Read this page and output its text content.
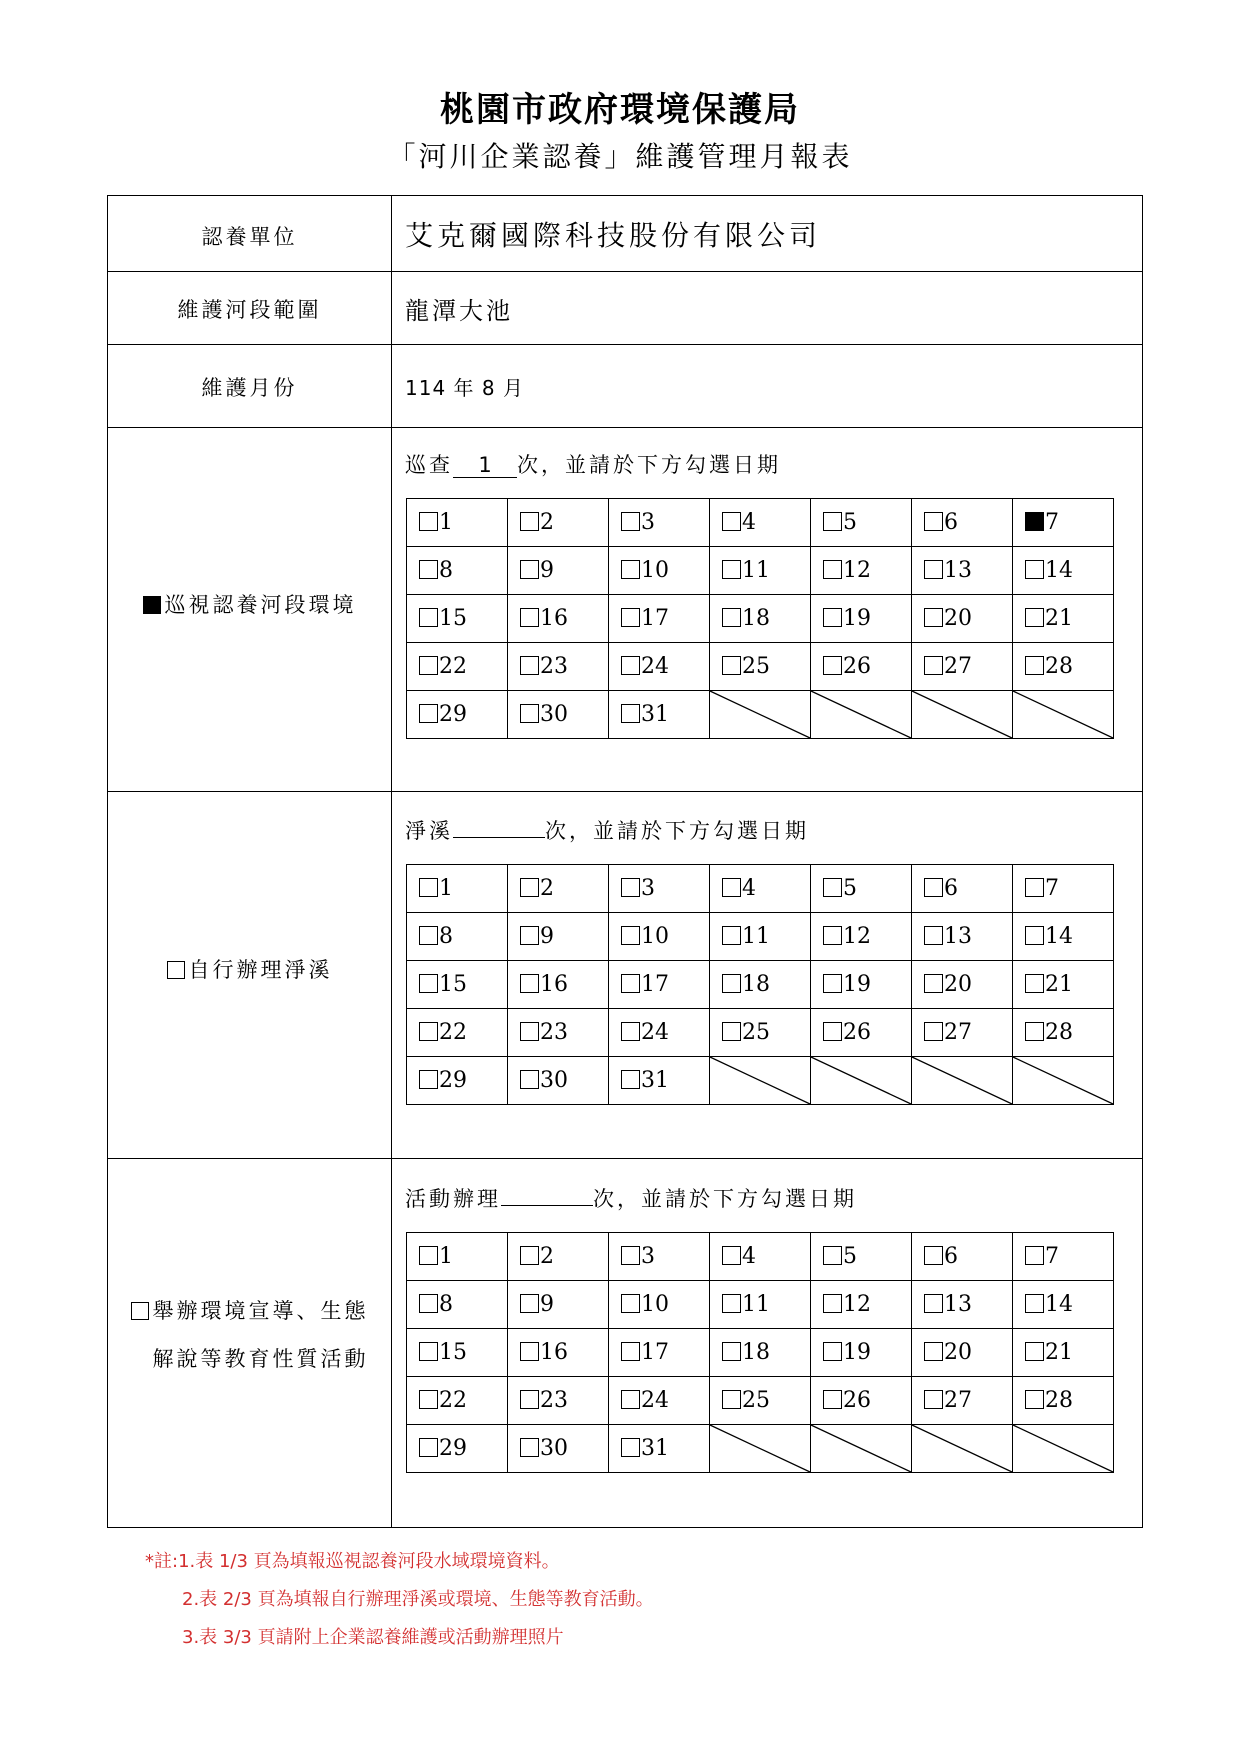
桃園市政府環境保護局
「河川企業認養」維護管理月報表
認養單位	艾克爾國際科技股份有限公司
維護河段範圍	龍潭大池
維護月份	114 年 8 月
巡視認養河段環境
巡查 1 次，並請於下方勾選日期
1	2	3	4	5	6	7
8	9	10	11	12	13	14
15	16	17	18	19	20	21
22	23	24	25	26	27	28
29	30	31	

自行辦理淨溪
淨溪	次，並請於下方勾選日期
1	2	3	4	5	6	7
8	9	10	11	12	13	14
15	16	17	18	19	20	21
22	23	24	25	26	27	28
29	30	31	

舉辦環境宣導、生態
解說等教育性質活動
活動辦理	次，並請於下方勾選日期
1	2	3	4	5	6	7
8	9	10	11	12	13	14
15	16	17	18	19	20	21
22	23	24	25	26	27	28
29	30	31	

*註:1.表 1/3 頁為填報巡視認養河段水域環境資料。
2.表 2/3 頁為填報自行辦理淨溪或環境、生態等教育活動。
3.表 3/3 頁請附上企業認養維護或活動辦理照片
